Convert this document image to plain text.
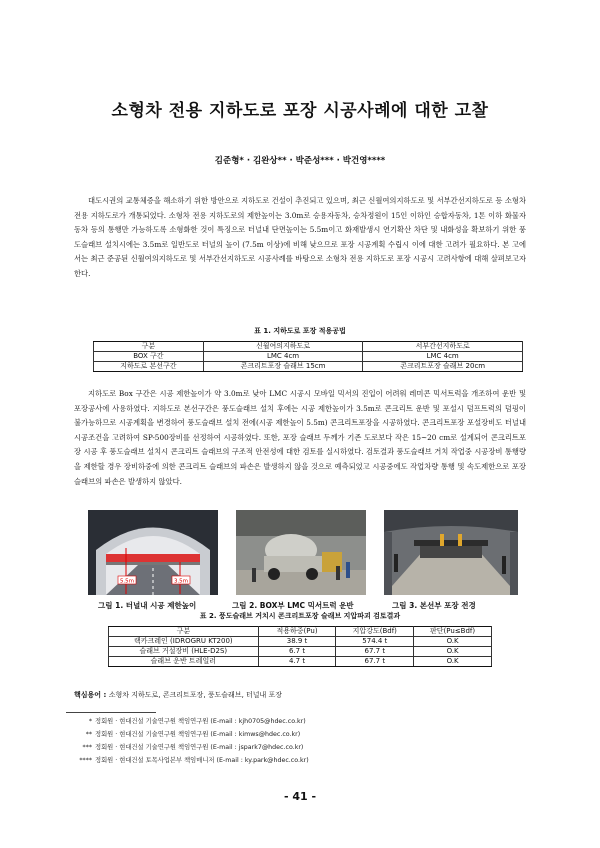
소형차 전용 지하도로 포장 시공사례에 대한 고찰
김준형* · 김완상** · 박준성*** · 박건영****

대도시권의 교통체증을 해소하기 위한 방안으로 지하도로 건설이 추진되고 있으며, 최근 신월여의지하도로 및 서부간선지하도로 등 소형차 전용 지하도로가 개통되었다. 소형차 전용 지하도로의 제한높이는 3.0m로 승용자동차, 승차정원이 15인 이하인 승합자동차, 1톤 이하 화물자동차 등의 통행만 가능하도록 소형화한 것이 특징으로 터널내 단면높이는 5.5m이고 화재발생시 연기확산 차단 및 내화성을 확보하기 위한 풍도슬래브 설치시에는 3.5m로 일반도로 터널의 높이 (7.5m 이상)에 비해 낮으므로 포장 시공계획 수립시 이에 대한 고려가 필요하다. 본 고에서는 최근 준공된 신월여의지하도로 및 서부간선지하도로 시공사례를 바탕으로 소형차 전용 지하도로 포장 시공시 고려사항에 대해 살펴보고자 한다.

표 1. 지하도로 포장 적용공법
구분	신월여의지하도로	서부간선지하도로
BOX 구간	LMC 4cm	LMC 4cm
지하도로 본선구간	콘크리트포장 슬래브 15cm	콘크리트포장 슬래브 20cm

지하도로 Box 구간은 시공 제한높이가 약 3.0m로 낮아 LMC 시공시 모바일 믹서의 진입이 어려워 레미콘 믹서트럭을 개조하여 운반 및 포장공사에 사용하였다. 지하도로 본선구간은 풍도슬래브 설치 후에는 시공 제한높이가 3.5m로 콘크리트 운반 및 포설시 덤프트럭의 덤핑이 불가능하므로 시공계획을 변경하여 풍도슬래브 설치 전에(시공 제한높이 5.5m) 콘크리트포장을 시공하였다. 콘크리트포장 포설장비도 터널내 시공조건을 고려하여 SP-500장비를 선정하여 시공하였다. 또한, 포장 슬래브 두께가 기존 도로보다 작은 15~20 cm로 설계되어 콘크리트포장 시공 후 풍도슬래브 설치시 콘크리트 슬래브의 구조적 안전성에 대한 검토를 실시하였다. 검토결과 풍도슬래브 거치 작업중 시공장비 통행량을 제한할 경우 장비하중에 의한 콘크리트 슬래브의 파손은 발생하지 않을 것으로 예측되었고 시공중에도 작업차량 통행 및 속도제한으로 포장 슬래브의 파손은 발생하지 않았다.

5.5m	3.5m
그림 1. 터널내 시공 제한높이	그림 2. BOX부 LMC 믹서트럭 운반	그림 3. 본선부 포장 전경
표 2. 풍도슬래브 거치시 콘크리트포장 슬래브 지압파괴 검토결과
구분	적용하중(Pu)	지압강도(Bdf)	판단(Pu≤Bdf)
랙카크레인 (IDROGRU KT200)	38.9 t	574.4 t	O.K
슬래브 거설장비 (HLE-D2S)	6.7 t	67.7 t	O.K
슬래브 운반 트레일러	4.7 t	67.7 t	O.K
핵심용어 : 소형차 지하도로, 콘크리트포장, 풍도슬래브, 터널내 포장
* 정회원 · 현대건설 기술연구원 책임연구원 (E-mail : kjh0705@hdec.co.kr)
** 정회원 · 현대건설 기술연구원 책임연구원 (E-mail : kimws@hdec.co.kr)
*** 정회원 · 현대건설 기술연구원 책임연구원 (E-mail : jspark7@hdec.co.kr)
**** 정회원 · 현대건설 토목사업본부 책임매니저 (E-mail : ky.park@hdec.co.kr)
- 41 -
